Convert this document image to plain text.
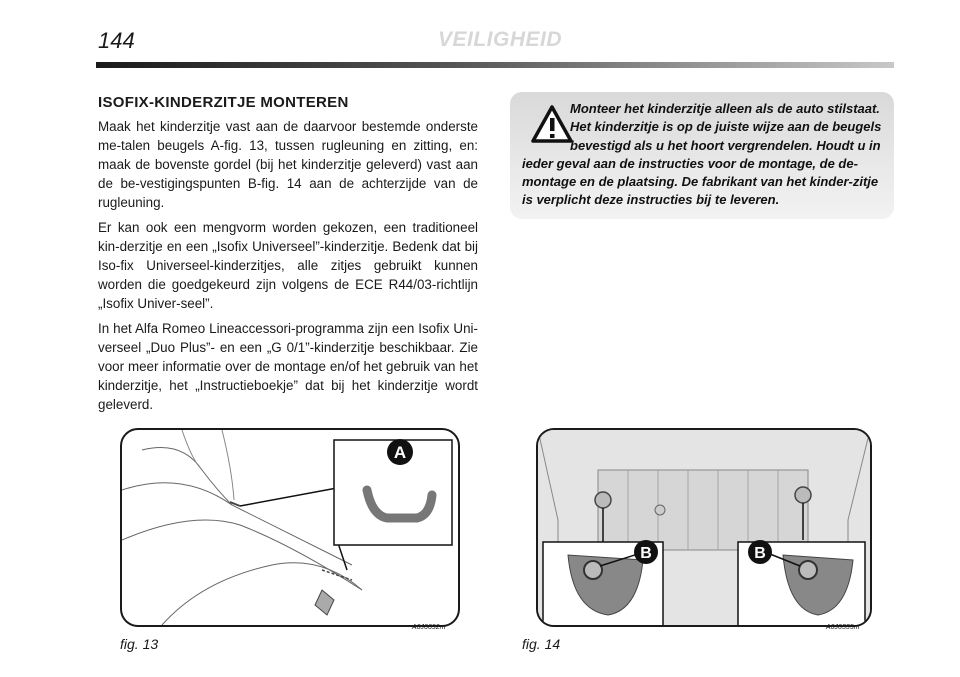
144	VEILIGHEID
ISOFIX-KINDERZITJE MONTEREN

Maak het kinderzitje vast aan de daarvoor bestemde onderste me-talen beugels A-fig. 13, tussen rugleuning en zitting, en: maak de bovenste gordel (bij het kinderzitje geleverd) vast aan de be-vestigingspunten B-fig. 14 aan de achterzijde van de rugleuning.

Er kan ook een mengvorm worden gekozen, een traditioneel kin-derzitje en een „Isofix Universeel”-kinderzitje. Bedenk dat bij Iso-fix Universeel-kinderzitjes, alle zitjes gebruikt kunnen worden die goedgekeurd zijn volgens de ECE R44/03-richtlijn „Isofix Univer-seel”.

In het Alfa Romeo Lineaccessori-programma zijn een Isofix Uni-verseel „Duo Plus”- en een „G 0/1”-kinderzitje beschikbaar. Zie voor meer informatie over de montage en/of het gebruik van het kinderzitje, het „Instructieboekje” dat bij het kinderzitje wordt geleverd.

Monteer het kinderzitje alleen als de auto stilstaat. Het kinderzitje is op de juiste wijze aan de beugels bevestigd als u het hoort vergrendelen. Houdt u in ieder geval aan de instructies voor de montage, de de-montage en de plaatsing. De fabrikant van het kinder-zitje is verplicht deze instructies bij te leveren.
A
fig. 13
A0J0092m
B	B
fig. 14
A0J0335m
